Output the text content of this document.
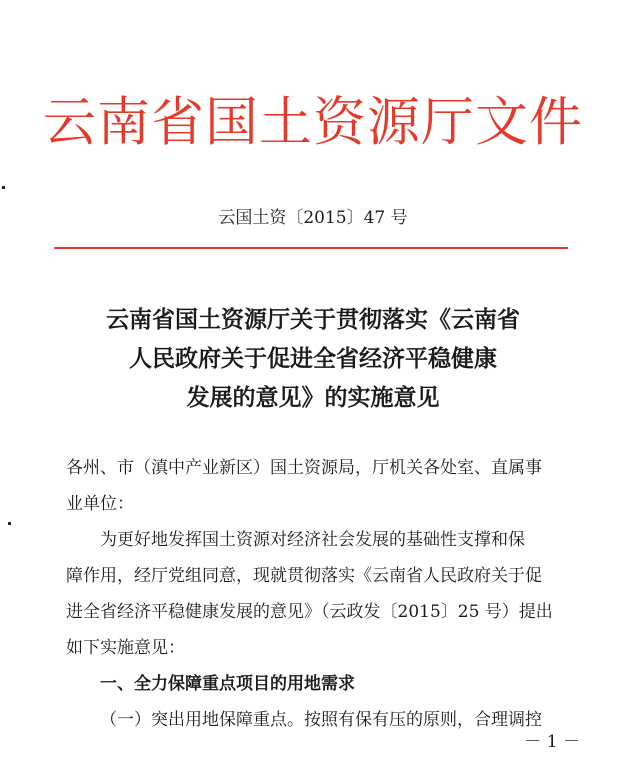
云南省国土资源厅文件
云国土资〔2015〕47 号
云南省国土资源厅关于贯彻落实《云南省
人民政府关于促进全省经济平稳健康
发展的意见》的实施意见

各州、市（滇中产业新区）国土资源局，厅机关各处室、直属事

业单位：

为更好地发挥国土资源对经济社会发展的基础性支撑和保

障作用，经厅党组同意，现就贯彻落实《云南省人民政府关于促

进全省经济平稳健康发展的意见》（云政发〔2015〕25 号）提出

如下实施意见：

一、全力保障重点项目的用地需求

（一）突出用地保障重点。按照有保有压的原则，合理调控

－ 1 －
